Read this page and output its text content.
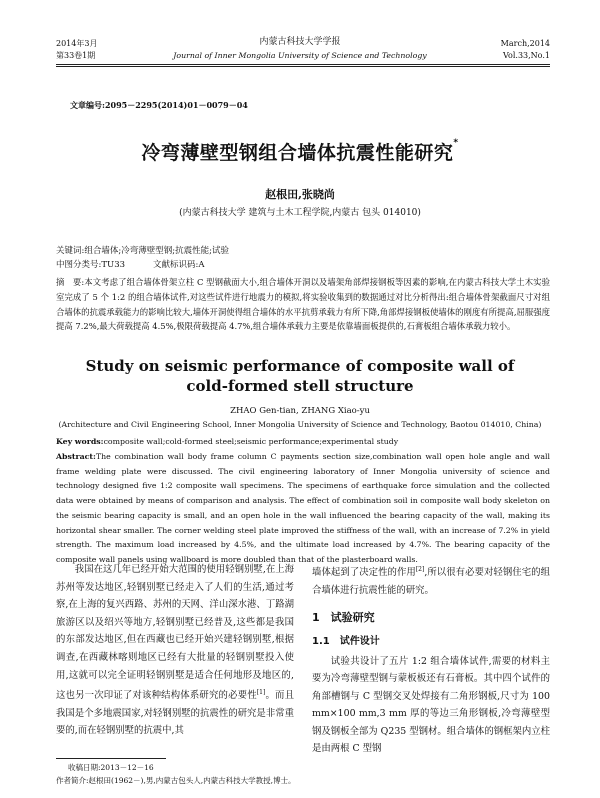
2014年3月
第33卷1期
内蒙古科技大学学报
Journal of Inner Mongolia University of Science and Technology
March,2014
Vol.33,No.1
文章编号:2095－2295(2014)01－0079－04
冷弯薄壁型钢组合墙体抗震性能研究*
赵根田,张晓尚
(内蒙古科技大学 建筑与土木工程学院,内蒙古 包头 014010)
关键词:组合墙体;冷弯薄壁型钢;抗震性能;试验
中图分类号:TU33	文献标识码:A
摘　要:本文考虑了组合墙体骨架立柱 C 型钢截面大小,组合墙体开洞以及墙架角部焊接钢板等因素的影响,在内蒙古科技大学土木实验室完成了 5 个 1:2 的组合墙体试件,对这些试件进行地震力的模拟,将实验收集到的数据通过对比分析得出:组合墙体骨架截面尺寸对组合墙体的抗震承载能力的影响比较大,墙体开洞使得组合墙体的水平抗剪承载力有所下降,角部焊接钢板使墙体的刚度有所提高,屈服强度提高 7.2%,最大荷载提高 4.5%,极限荷载提高 4.7%,组合墙体承载力主要是依靠墙面板提供的,石膏板组合墙体承载力较小。
Study on seismic performance of composite wall of
cold-formed stell structure
ZHAO Gen-tian, ZHANG Xiao-yu
(Architecture and Civil Engineering School, Inner Mongolia University of Science and Technology, Baotou 014010, China)
Key words:composite wall;cold-formed steel;seismic performance;experimental study
Abstract:The combination wall body frame column C payments section size,combination wall open hole angle and wall frame welding plate were discussed. The civil engineering laboratory of Inner Mongolia university of science and technology designed five 1:2 composite wall specimens. The specimens of earthquake force simulation and the collected data were obtained by means of comparison and analysis. The effect of combination soil in composite wall body skeleton on the seismic bearing capacity is small, and an open hole in the wall influenced the bearing capacity of the wall, making its horizontal shear smaller. The corner welding steel plate improved the stiffness of the wall, with an increase of 7.2% in yield strength. The maximum load increased by 4.5%, and the ultimate load increased by 4.7%. The bearing capacity of the composite wall panels using wallboard is more doubled than that of the plasterboard walls.
我国在这几年已经开始大范围的使用轻钢别墅,在上海苏州等发达地区,轻钢别墅已经走入了人们的生活,通过考察,在上海的复兴西路、苏州的天网、洋山深水港、丁路湖旅游区以及绍兴等地方,轻钢别墅已经普及,这些都是我国的东部发达地区,但在西藏也已经开始兴建轻钢别墅,根据调查,在西藏林喀则地区已经有大批量的轻钢别墅投入使用,这就可以完全证明轻钢别墅是适合任何地形及地区的,这也另一次印证了对该种结构体系研究的必要性[1]。而且我国是个多地震国家,对轻钢别墅的抗震性的研究是非常重要的,而在轻钢别墅的抗震中,其
墙体起到了决定性的作用[2],所以很有必要对轻钢住宅的组合墙体进行抗震性能的研究。
1　试验研究
1.1　试件设计
试验共设计了五片 1:2 组合墙体试件,需要的材料主要为冷弯薄壁型钢与蒙板板还有石膏板。其中四个试件的角部槽钢与 C 型钢交叉处焊接有二角形钢板,尺寸为 100 mm×100 mm,3 mm 厚的等边三角形钢板,冷弯薄壁型钢及钢板全部为 Q235 型钢材。组合墙体的钢框架内立柱是由两根 C 型钢
收稿日期:2013－12－16
作者简介:赵根田(1962－),男,内蒙古包头人,内蒙古科技大学教授,博士。
